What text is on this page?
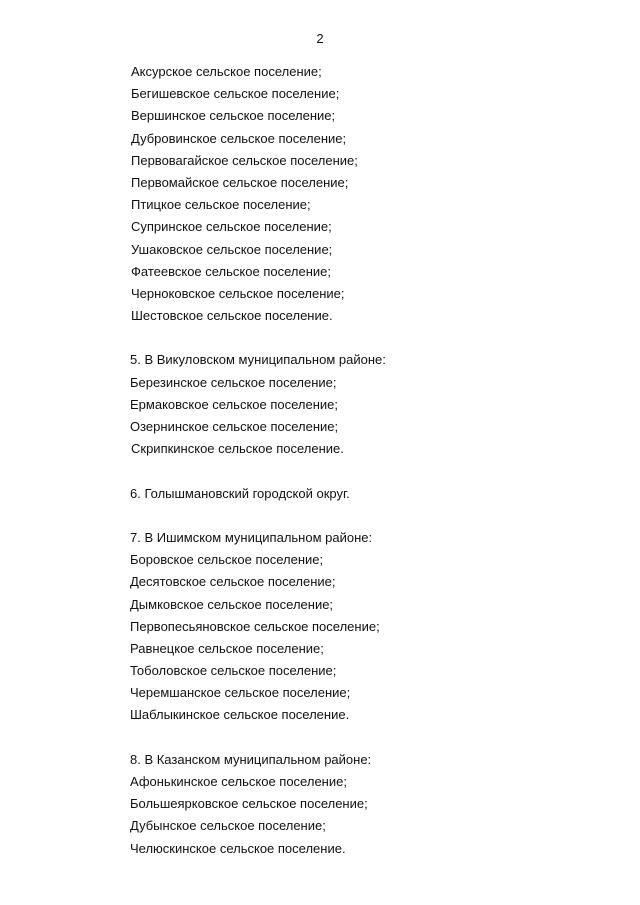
2
Аксурское сельское поселение;
Бегишевское сельское поселение;
Вершинское сельское поселение;
Дубровинское сельское поселение;
Первовагайское сельское поселение;
Первомайское сельское поселение;
Птицкое сельское поселение;
Супринское сельское поселение;
Ушаковское сельское поселение;
Фатеевское сельское поселение;
Черноковское сельское поселение;
Шестовское сельское поселение.
5. В Викуловском муниципальном районе:
Березинское сельское поселение;
Ермаковское сельское поселение;
Озернинское сельское поселение;
Скрипкинское сельское поселение.
6. Голышмановский городской округ.
7. В Ишимском муниципальном районе:
Боровское сельское поселение;
Десятовское сельское поселение;
Дымковское сельское поселение;
Первопесьяновское сельское поселение;
Равнецкое сельское поселение;
Тоболовское сельское поселение;
Черемшанское сельское поселение;
Шаблыкинское сельское поселение.
8. В Казанском муниципальном районе:
Афонькинское сельское поселение;
Большеярковское сельское поселение;
Дубынское сельское поселение;
Челюскинское сельское поселение.
